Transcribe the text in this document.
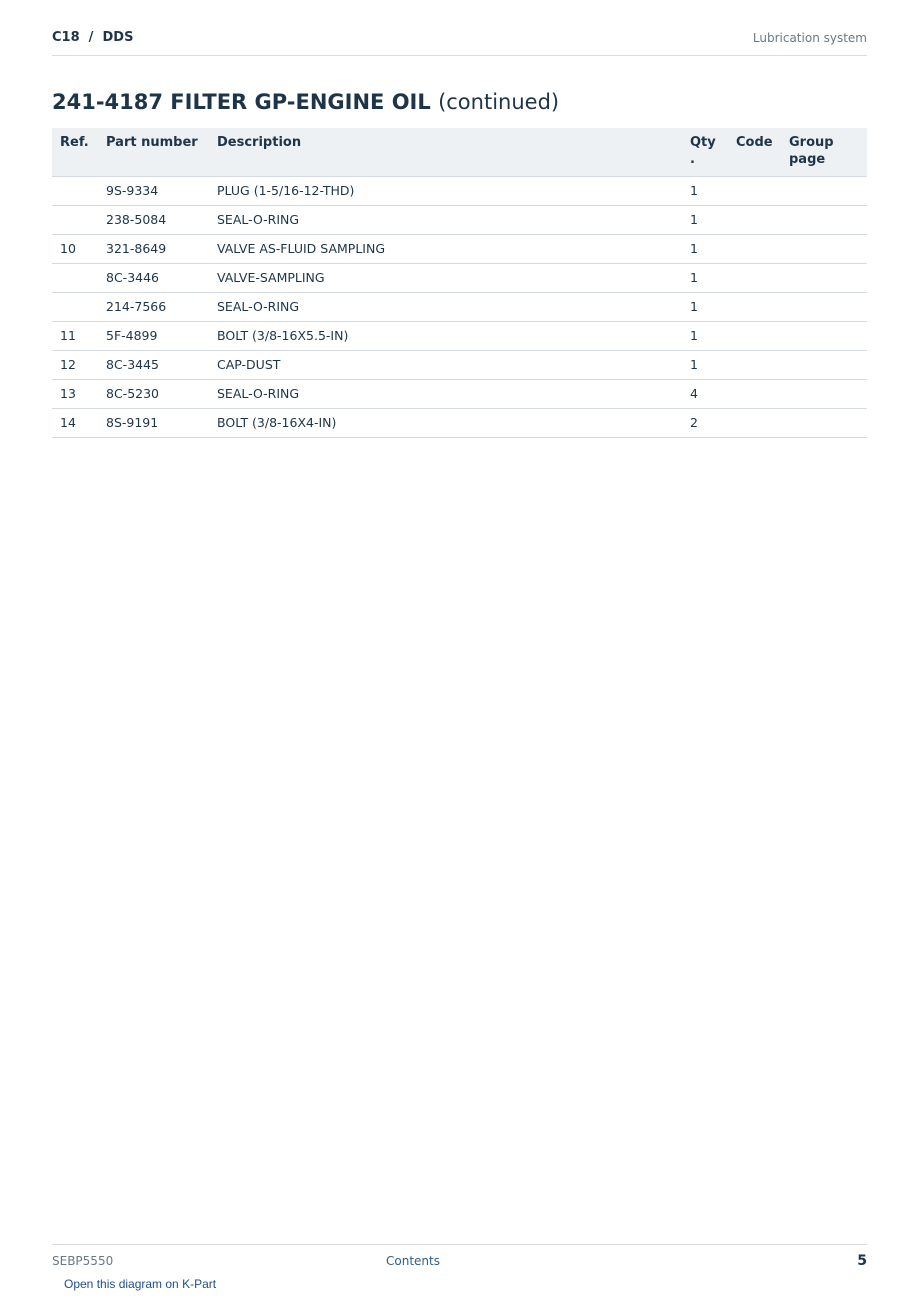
C18  /  DDS	Lubrication system
241-4187 FILTER GP-ENGINE OIL (continued)
Ref.	Part number	Description	Qty .	Code	Group page
	9S-9334	PLUG (1-5/16-12-THD)	1		
	238-5084	SEAL-O-RING	1		
10	321-8649	VALVE AS-FLUID SAMPLING	1		
	8C-3446	VALVE-SAMPLING	1		
	214-7566	SEAL-O-RING	1		
11	5F-4899	BOLT (3/8-16X5.5-IN)	1		
12	8C-3445	CAP-DUST	1		
13	8C-5230	SEAL-O-RING	4		
14	8S-9191	BOLT (3/8-16X4-IN)	2		
SEBP5550	Contents	5
Open this diagram on K-Part
